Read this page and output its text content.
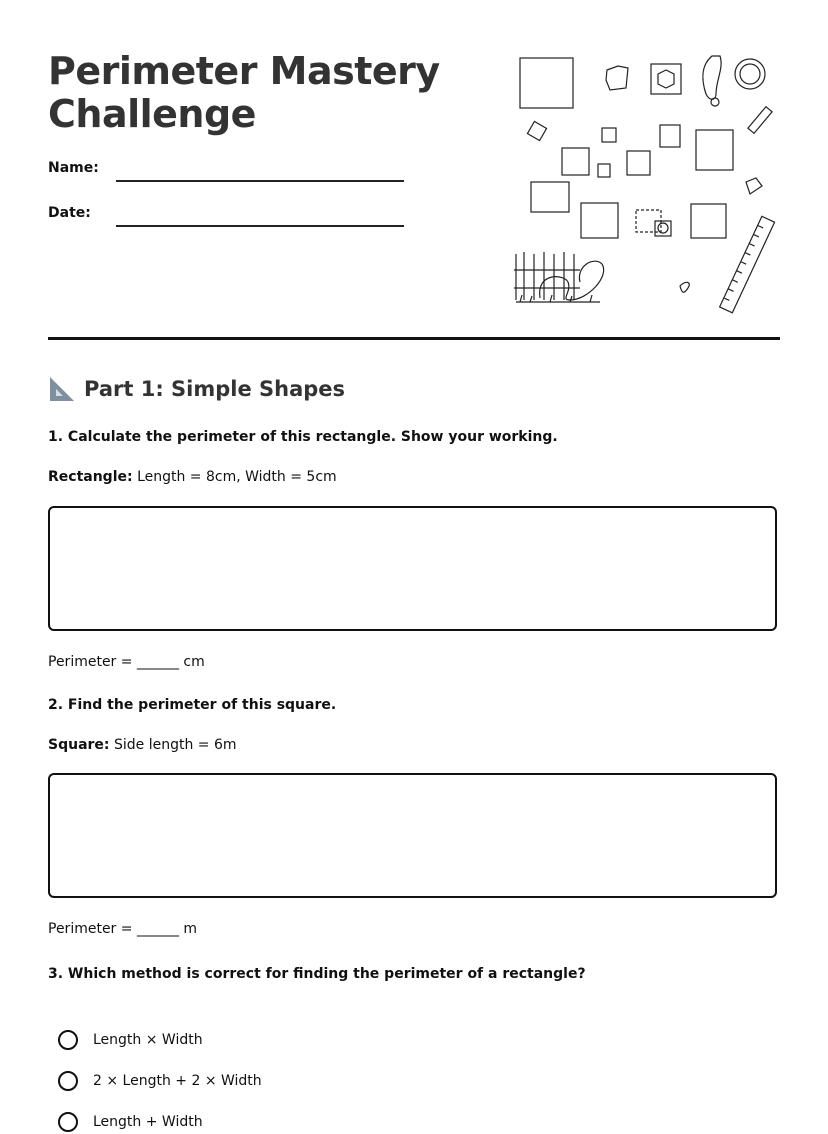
Perimeter Mastery
Challenge
Name:
Date:
Part 1: Simple Shapes
1. Calculate the perimeter of this rectangle. Show your working.
Rectangle: Length = 8cm, Width = 5cm
Perimeter = ______ cm
2. Find the perimeter of this square.
Square: Side length = 6m
Perimeter = ______ m
3. Which method is correct for finding the perimeter of a rectangle?
Length × Width
2 × Length + 2 × Width
Length + Width
